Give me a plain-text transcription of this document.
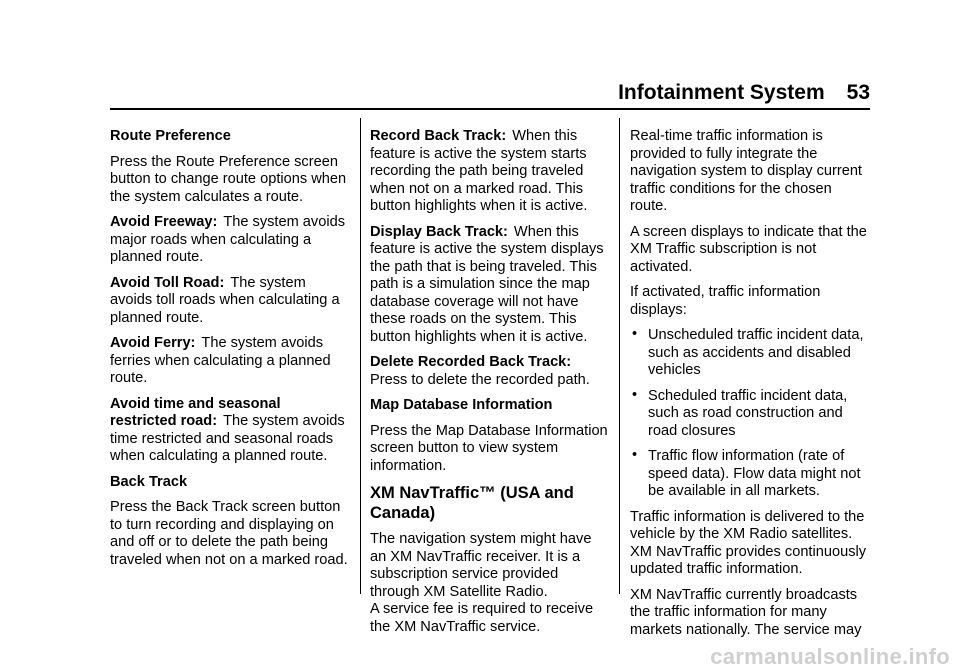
Infotainment System 53

Route Preference

Press the Route Preference screen button to change route options when the system calculates a route.

Avoid Freeway: The system avoids major roads when calculating a planned route.

Avoid Toll Road: The system avoids toll roads when calculating a planned route.

Avoid Ferry: The system avoids ferries when calculating a planned route.

Avoid time and seasonal restricted road: The system avoids time restricted and seasonal roads when calculating a planned route.

Back Track

Press the Back Track screen button to turn recording and displaying on and off or to delete the path being traveled when not on a marked road.

Record Back Track: When this feature is active the system starts recording the path being traveled when not on a marked road. This button highlights when it is active.

Display Back Track: When this feature is active the system displays the path that is being traveled. This path is a simulation since the map database coverage will not have these roads on the system. This button highlights when it is active.

Delete Recorded Back Track:
Press to delete the recorded path.

Map Database Information

Press the Map Database Information screen button to view system information.

XM NavTraffic™ (USA and Canada)

The navigation system might have an XM NavTraffic receiver. It is a subscription service provided through XM Satellite Radio.

A service fee is required to receive the XM NavTraffic service.

Real-time traffic information is provided to fully integrate the navigation system to display current traffic conditions for the chosen route.

A screen displays to indicate that the XM Traffic subscription is not activated.

If activated, traffic information displays:

• Unscheduled traffic incident data, such as accidents and disabled vehicles
• Scheduled traffic incident data, such as road construction and road closures
• Traffic flow information (rate of speed data). Flow data might not be available in all markets.

Traffic information is delivered to the vehicle by the XM Radio satellites. XM NavTraffic provides continuously updated traffic information.

XM NavTraffic currently broadcasts the traffic information for many markets nationally. The service may

carmanualsonline.info
